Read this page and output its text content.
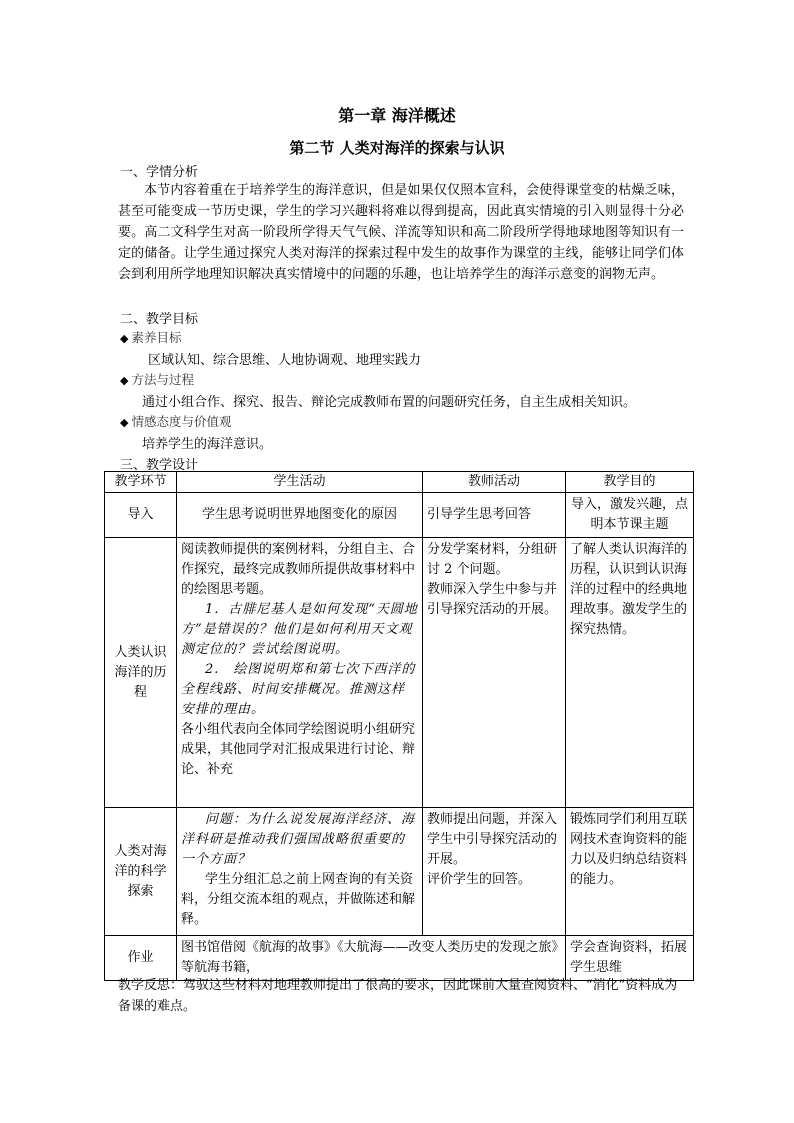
第一章 海洋概述
第二节 人类对海洋的探索与认识
一、学情分析
本节内容着重在于培养学生的海洋意识，但是如果仅仅照本宣科，会使得课堂变的枯燥乏味，甚至可能变成一节历史课，学生的学习兴趣料将难以得到提高，因此真实情境的引入则显得十分必要。高二文科学生对高一阶段所学得天气气候、洋流等知识和高二阶段所学得地球地图等知识有一定的储备。让学生通过探究人类对海洋的探索过程中发生的故事作为课堂的主线，能够让同学们体会到利用所学地理知识解决真实情境中的问题的乐趣，也让培养学生的海洋示意变的润物无声。
二、教学目标
◆ 素养目标
区域认知、综合思维、人地协调观、地理实践力
◆ 方法与过程
通过小组合作、探究、报告、辩论完成教师布置的问题研究任务，自主生成相关知识。
◆ 情感态度与价值观
培养学生的海洋意识。
三、教学设计
教学环节	学生活动	教师活动	教学目的
导入	学生思考说明世界地图变化的原因	引导学生思考回答	导入，激发兴趣，点明本节课主题
人类认识海洋的历程	阅读教师提供的案例材料，分组自主、合作探究，最终完成教师所提供故事材料中的绘图思考题。
1．古腓尼基人是如何发现“天圆地方”是错误的？他们是如何利用天文观测定位的？尝试绘图说明。
2.　绘图说明郑和第七次下西洋的全程线路、时间安排概况。推测这样安排的理由。
各小组代表向全体同学绘图说明小组研究成果，其他同学对汇报成果进行讨论、辩论、补充	分发学案材料，分组研讨 2 个问题。
教师深入学生中参与并引导探究活动的开展。	了解人类认识海洋的历程，认识到认识海洋的过程中的经典地理故事。激发学生的探究热情。
人类对海洋的科学探索	问题：为什么说发展海洋经济、海洋科研是推动我们强国战略很重要的一个方面？
学生分组汇总之前上网查询的有关资料，分组交流本组的观点，并做陈述和解释。	教师提出问题，并深入学生中引导探究活动的开展。
评价学生的回答。	锻炼同学们利用互联网技术查询资料的能力以及归纳总结资料的能力。
作业	图书馆借阅《航海的故事》《大航海——改变人类历史的发现之旅》等航海书籍，		学会查询资料，拓展学生思维
教学反思：驾驭这些材料对地理教师提出了很高的要求，因此课前大量查阅资料、“消化”资料成为备课的难点。
